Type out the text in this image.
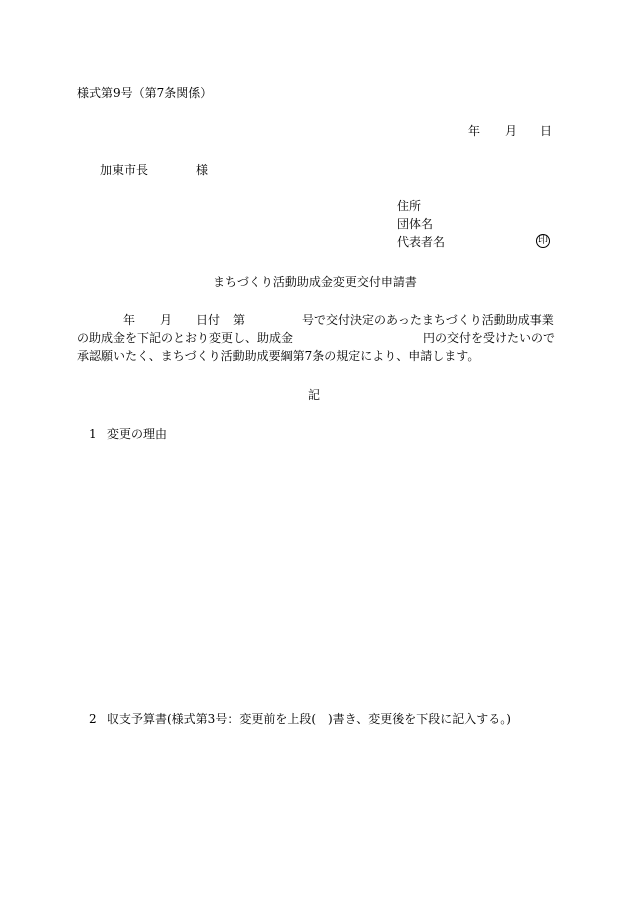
様式第9号（第7条関係）
年 月 日
加東市長	様
住所
団体名
代表者名	印
まちづくり活動助成金変更交付申請書
年 月 日付 第	号で交付決定のあったまちづくり活動助成事業
の助成金を下記のとおり変更し、助成金	円の交付を受けたいので
承認願いたく、まちづくり活動助成要綱第7条の規定により、申請します。
記
1 変更の理由
2 収支予算書(様式第3号：変更前を上段(　)書き、変更後を下段に記入する。)
